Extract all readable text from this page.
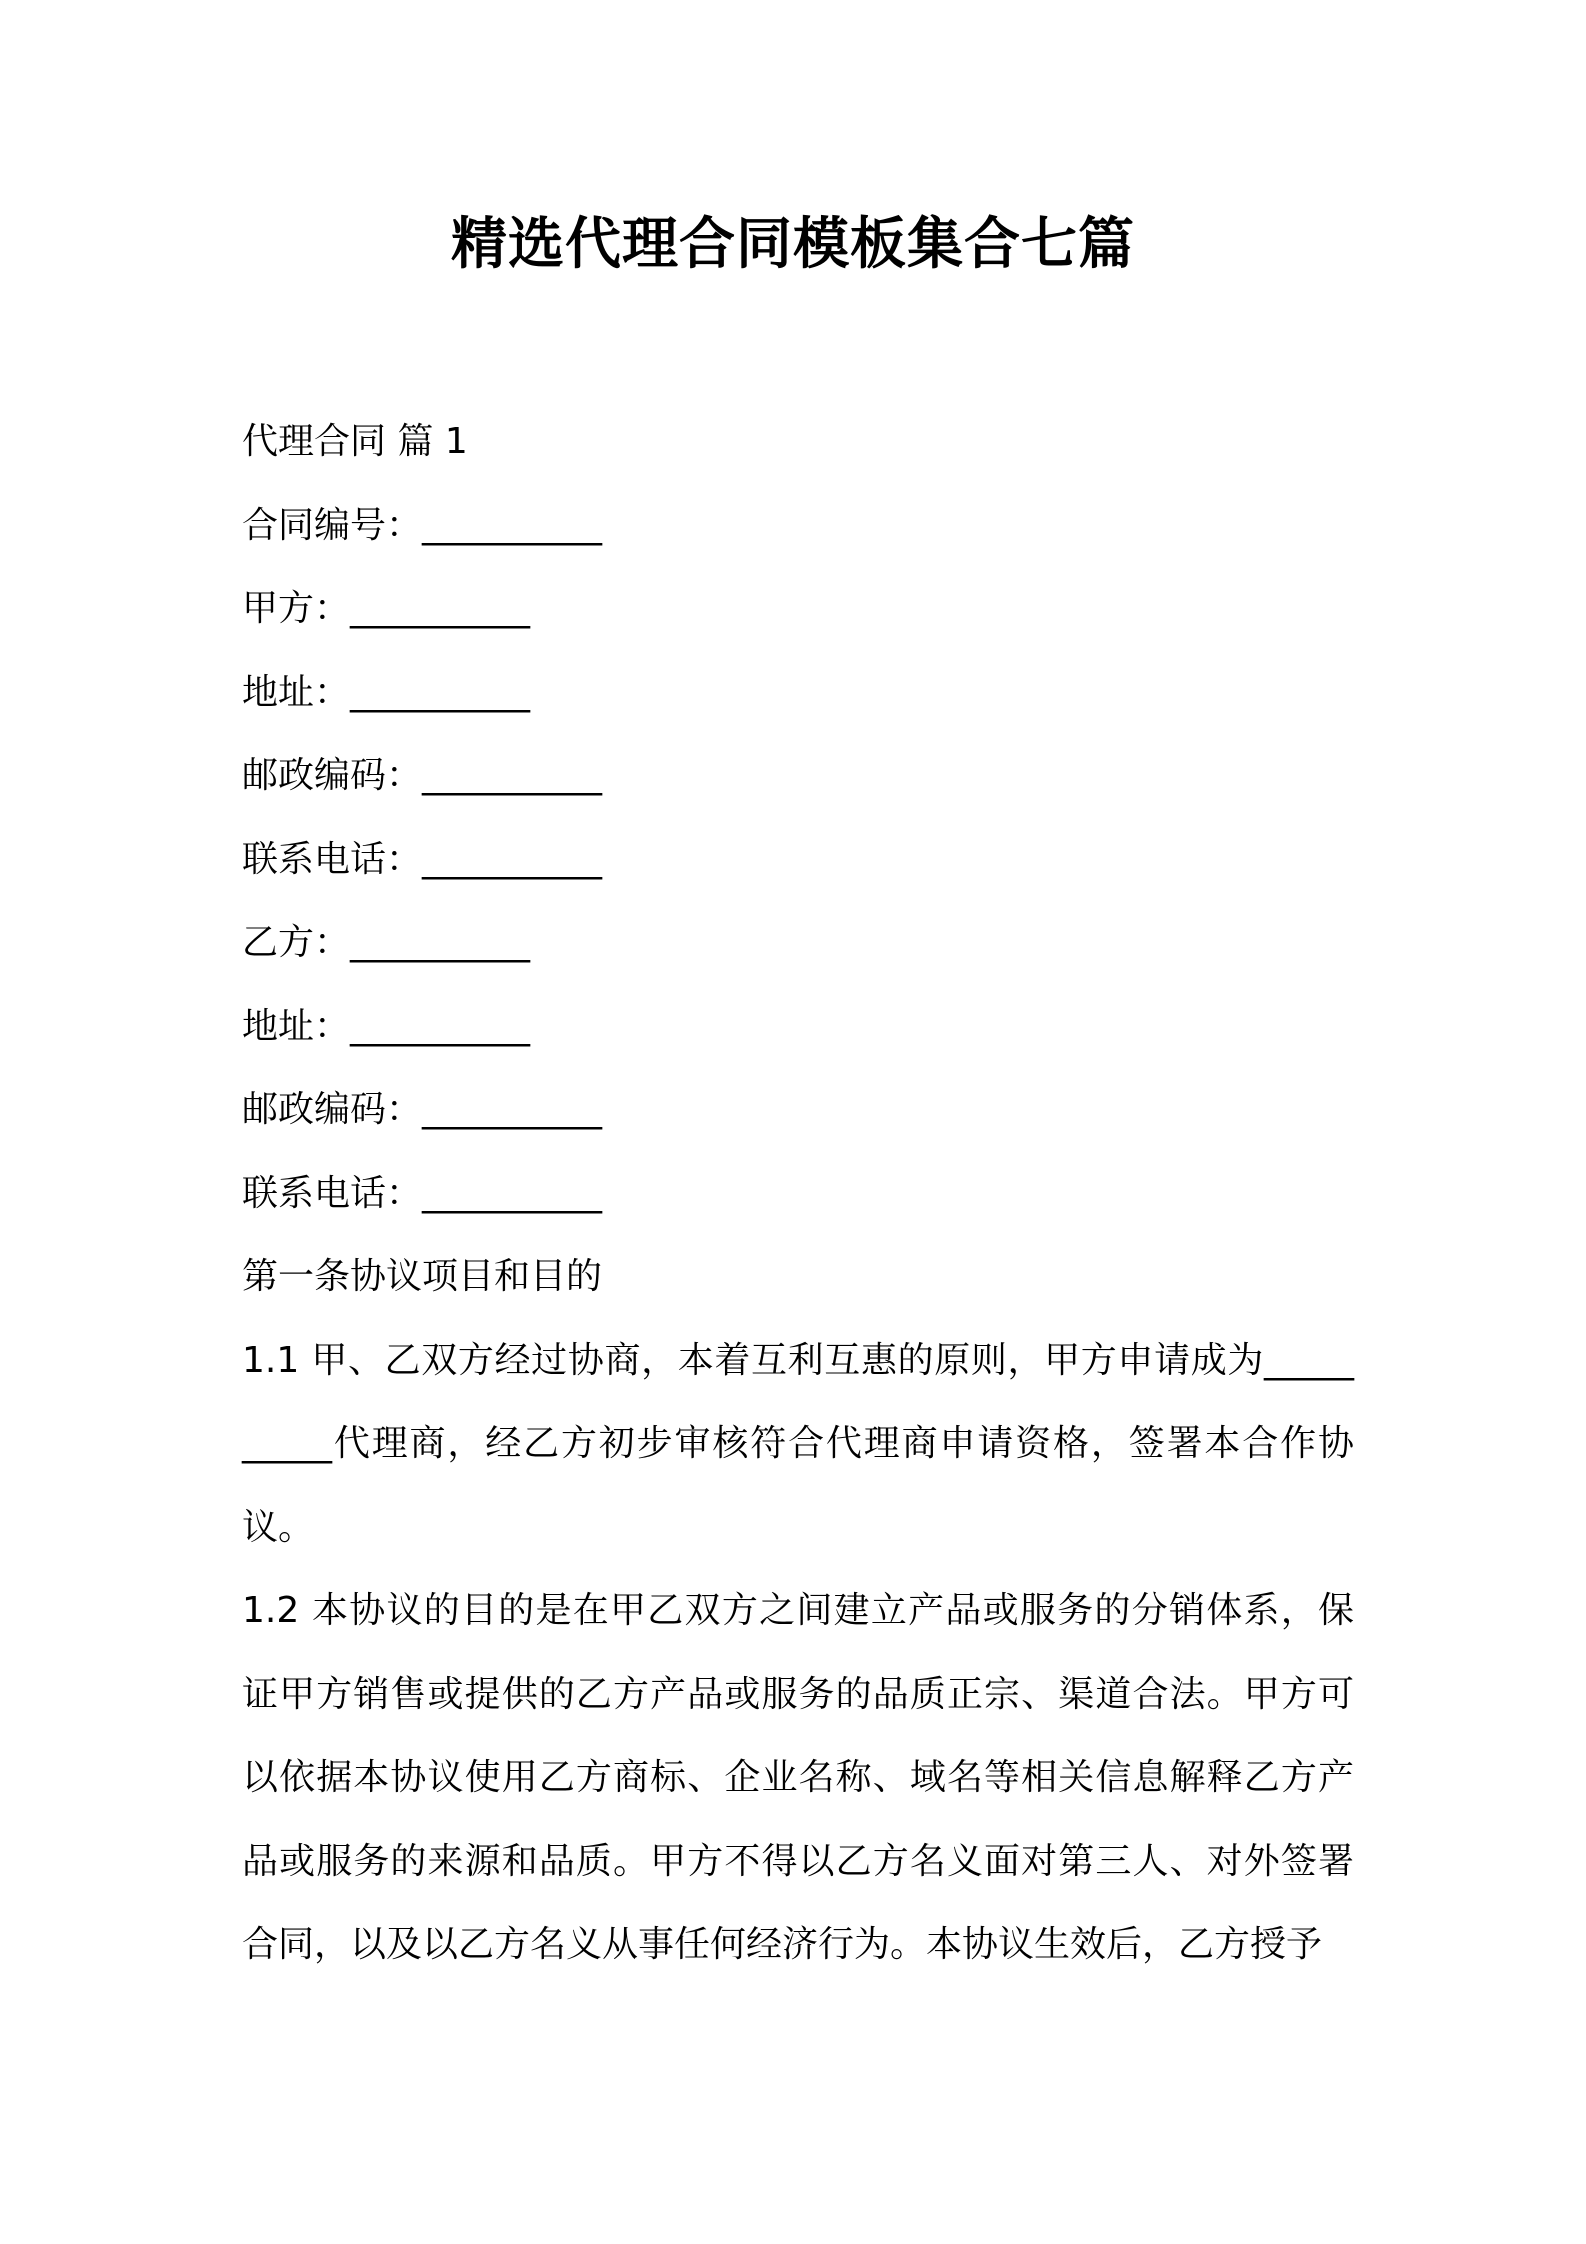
精选代理合同模板集合七篇
代理合同 篇 1
合同编号：__________
甲方：__________
地址：__________
邮政编码：__________
联系电话：__________
乙方：__________
地址：__________
邮政编码：__________
联系电话：__________
第一条协议项目和目的
1.1 甲、乙双方经过协商，本着互利互惠的原则，甲方申请成为__________代理商，经乙方初步审核符合代理商申请资格，签署本合作协议。
1.2 本协议的目的是在甲乙双方之间建立产品或服务的分销体系，保证甲方销售或提供的乙方产品或服务的品质正宗、渠道合法。甲方可以依据本协议使用乙方商标、企业名称、域名等相关信息解释乙方产品或服务的来源和品质。甲方不得以乙方名义面对第三人、对外签署合同，以及以乙方名义从事任何经济行为。本协议生效后，乙方授予
